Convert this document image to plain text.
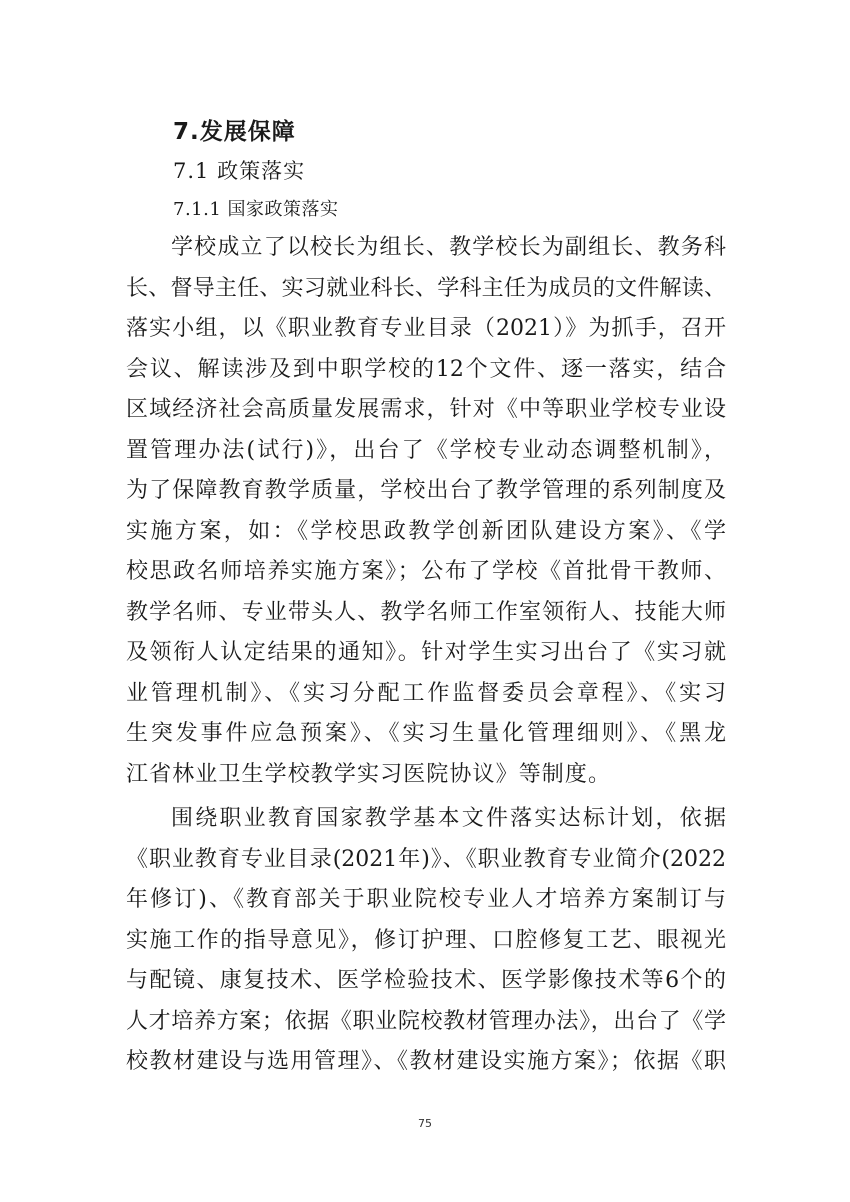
7.发展保障
7.1 政策落实
7.1.1 国家政策落实
学校成立了以校长为组长、教学校长为副组长、教务科
长、督导主任、实习就业科长、学科主任为成员的文件解读、
落实小组，以《职业教育专业目录（2021）》为抓手，召开
会议、解读涉及到中职学校的12个文件、逐一落实，结合
区域经济社会高质量发展需求，针对《中等职业学校专业设
置管理办法(试行)》，出台了《学校专业动态调整机制》，
为了保障教育教学质量，学校出台了教学管理的系列制度及
实施方案，如：《学校思政教学创新团队建设方案》、《学
校思政名师培养实施方案》；公布了学校《首批骨干教师、
教学名师、专业带头人、教学名师工作室领衔人、技能大师
及领衔人认定结果的通知》。针对学生实习出台了《实习就
业管理机制》、《实习分配工作监督委员会章程》、《实习
生突发事件应急预案》、《实习生量化管理细则》、《黑龙
江省林业卫生学校教学实习医院协议》等制度。
围绕职业教育国家教学基本文件落实达标计划，依据
《职业教育专业目录(2021年)》、《职业教育专业简介(2022
年修订)、《教育部关于职业院校专业人才培养方案制订与
实施工作的指导意见》，修订护理、口腔修复工艺、眼视光
与配镜、康复技术、医学检验技术、医学影像技术等6个的
人才培养方案；依据《职业院校教材管理办法》，出台了《学
校教材建设与选用管理》、《教材建设实施方案》；依据《职
75
